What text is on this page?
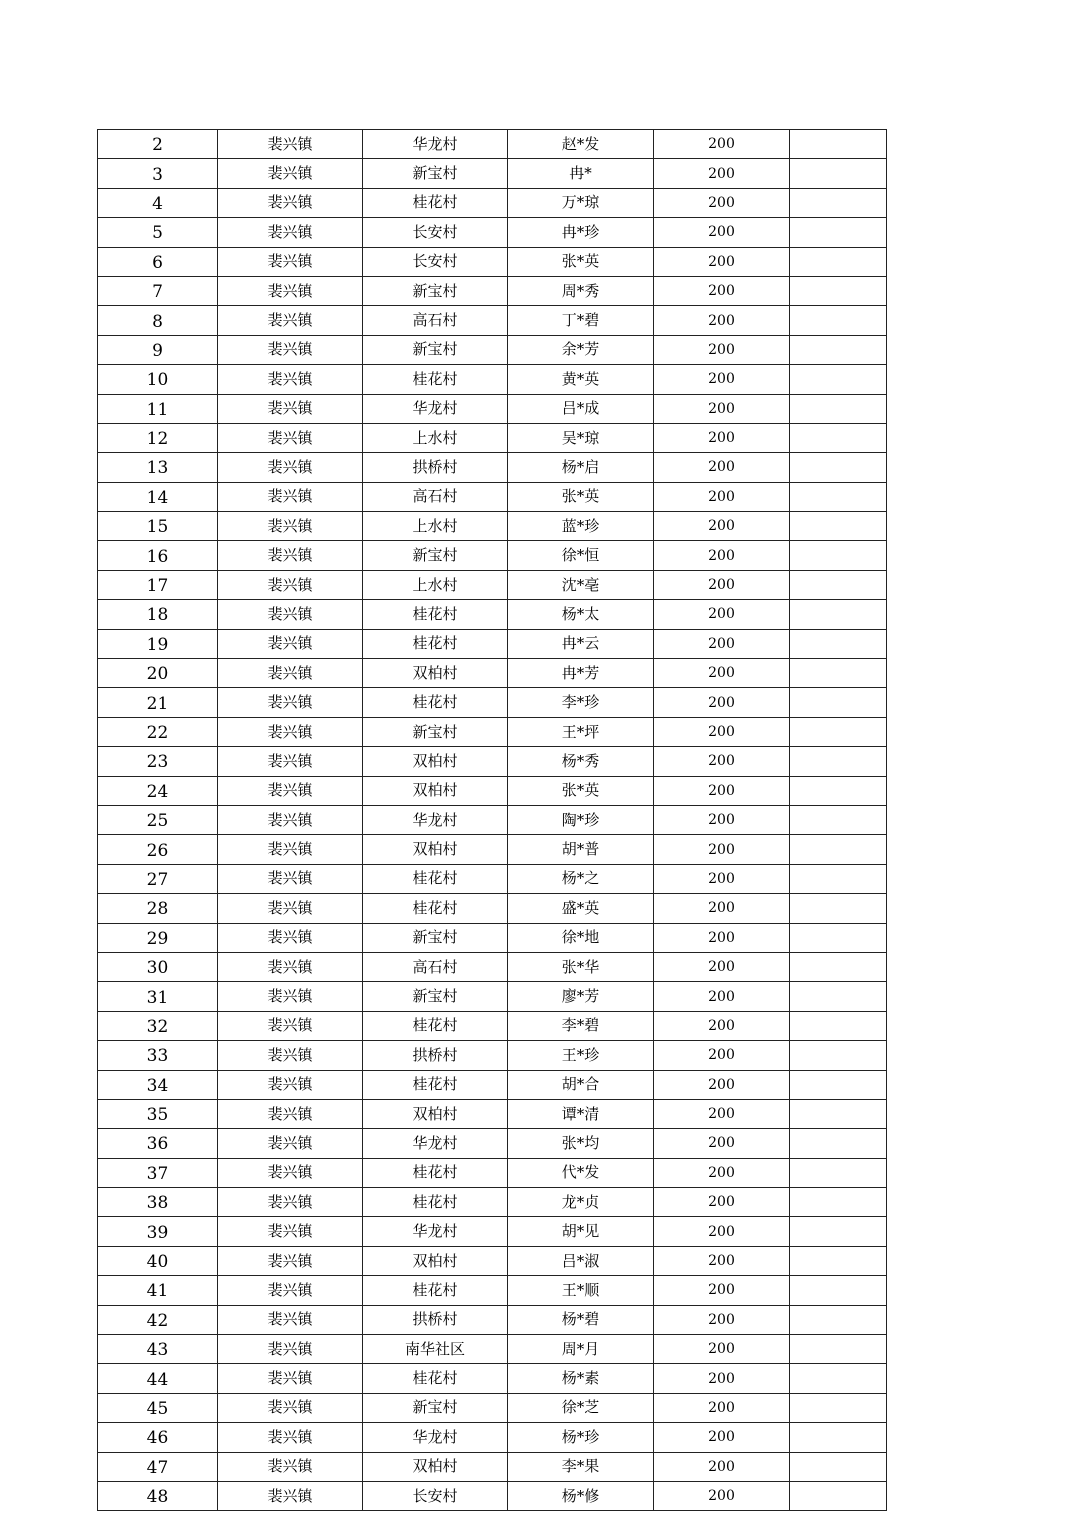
2	裴兴镇	华龙村	赵*发	200	
3	裴兴镇	新宝村	冉*	200	
4	裴兴镇	桂花村	万*琼	200	
5	裴兴镇	长安村	冉*珍	200	
6	裴兴镇	长安村	张*英	200	
7	裴兴镇	新宝村	周*秀	200	
8	裴兴镇	高石村	丁*碧	200	
9	裴兴镇	新宝村	余*芳	200	
10	裴兴镇	桂花村	黄*英	200	
11	裴兴镇	华龙村	吕*成	200	
12	裴兴镇	上水村	吴*琼	200	
13	裴兴镇	拱桥村	杨*启	200	
14	裴兴镇	高石村	张*英	200	
15	裴兴镇	上水村	蓝*珍	200	
16	裴兴镇	新宝村	徐*恒	200	
17	裴兴镇	上水村	沈*亳	200	
18	裴兴镇	桂花村	杨*太	200	
19	裴兴镇	桂花村	冉*云	200	
20	裴兴镇	双柏村	冉*芳	200	
21	裴兴镇	桂花村	李*珍	200	
22	裴兴镇	新宝村	王*坪	200	
23	裴兴镇	双柏村	杨*秀	200	
24	裴兴镇	双柏村	张*英	200	
25	裴兴镇	华龙村	陶*珍	200	
26	裴兴镇	双柏村	胡*普	200	
27	裴兴镇	桂花村	杨*之	200	
28	裴兴镇	桂花村	盛*英	200	
29	裴兴镇	新宝村	徐*地	200	
30	裴兴镇	高石村	张*华	200	
31	裴兴镇	新宝村	廖*芳	200	
32	裴兴镇	桂花村	李*碧	200	
33	裴兴镇	拱桥村	王*珍	200	
34	裴兴镇	桂花村	胡*合	200	
35	裴兴镇	双柏村	谭*清	200	
36	裴兴镇	华龙村	张*均	200	
37	裴兴镇	桂花村	代*发	200	
38	裴兴镇	桂花村	龙*贞	200	
39	裴兴镇	华龙村	胡*见	200	
40	裴兴镇	双柏村	吕*淑	200	
41	裴兴镇	桂花村	王*顺	200	
42	裴兴镇	拱桥村	杨*碧	200	
43	裴兴镇	南华社区	周*月	200	
44	裴兴镇	桂花村	杨*素	200	
45	裴兴镇	新宝村	徐*芝	200	
46	裴兴镇	华龙村	杨*珍	200	
47	裴兴镇	双柏村	李*果	200	
48	裴兴镇	长安村	杨*修	200	
